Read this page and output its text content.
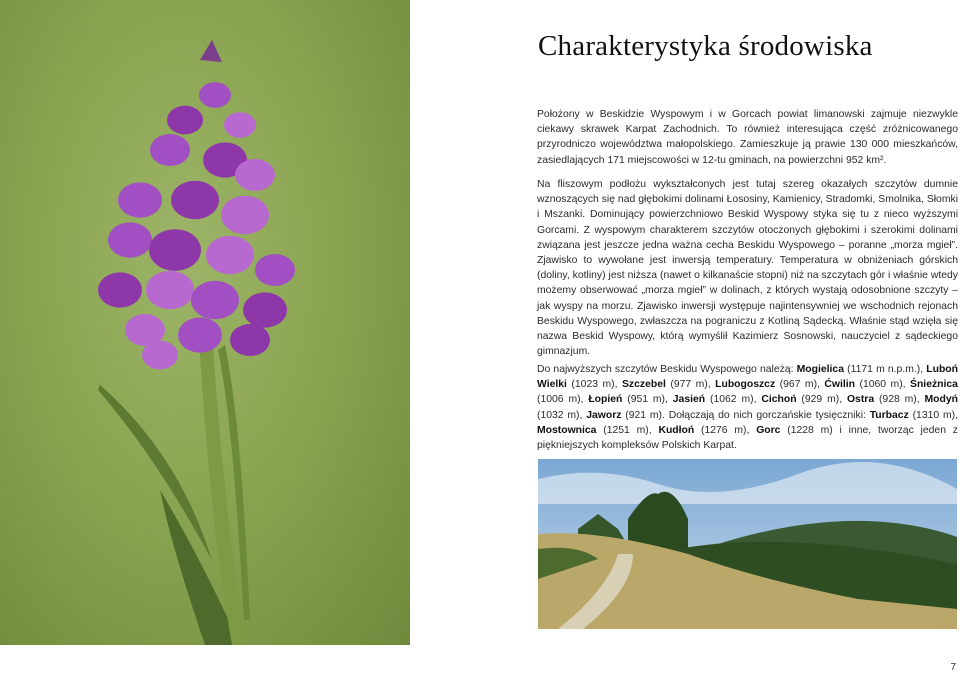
Charakterystyka środowiska

Położony w Beskidzie Wyspowym i w Gorcach powiat limanowski zajmuje niezwykle ciekawy skrawek Karpat Zachodnich. To również interesująca część zróżnicowanego przyrodniczo województwa małopolskiego. Zamieszkuje ją prawie 130 000 mieszkańców, zasiedlających 171 miejscowości w 12-tu gminach, na powierzchni 952 km².

Na fliszowym podłożu wykształconych jest tutaj szereg okazałych szczytów dumnie wznoszących się nad głębokimi dolinami Łososiny, Kamienicy, Stradomki, Smolnika, Słomki i Mszanki. Dominujący powierzchniowo Beskid Wyspowy styka się tu z nieco wyższymi Gorcami. Z wyspowym charakterem szczytów otoczonych głębokimi i szerokimi dolinami związana jest jeszcze jedna ważna cecha Beskidu Wyspowego – poranne „morza mgieł”. Zjawisko to wywołane jest inwersją temperatury. Temperatura w obniżeniach górskich (doliny, kotliny) jest niższa (nawet o kilkanaście stopni) niż na szczytach gór i właśnie wtedy możemy obserwować „morza mgieł” w dolinach, z których wystają odosobnione szczyty – jak wyspy na morzu. Zjawisko inwersji występuje najintensywniej we wschodnich rejonach Beskidu Wyspowego, zwłaszcza na pograniczu z Kotliną Sądecką. Właśnie stąd wzięła się nazwa Beskid Wyspowy, którą wymyślił Kazimierz Sosnowski, nauczyciel z sądeckiego gimnazjum.

Do najwyższych szczytów Beskidu Wyspowego należą: Mogielica (1171 m n.p.m.), Luboń Wielki (1023 m), Szczebel (977 m), Lubogoszcz (967 m), Ćwilin (1060 m), Śnieżnica (1006 m), Łopień (951 m), Jasień (1062 m), Cichoń (929 m), Ostra (928 m), Modyń (1032 m), Jaworz (921 m). Dołączają do nich gorczańskie tysięczniki: Turbacz (1310 m), Mostownica (1251 m), Kudłoń (1276 m), Gorc (1228 m) i inne, tworząc jeden z piękniejszych kompleksów Polskich Karpat.

7
